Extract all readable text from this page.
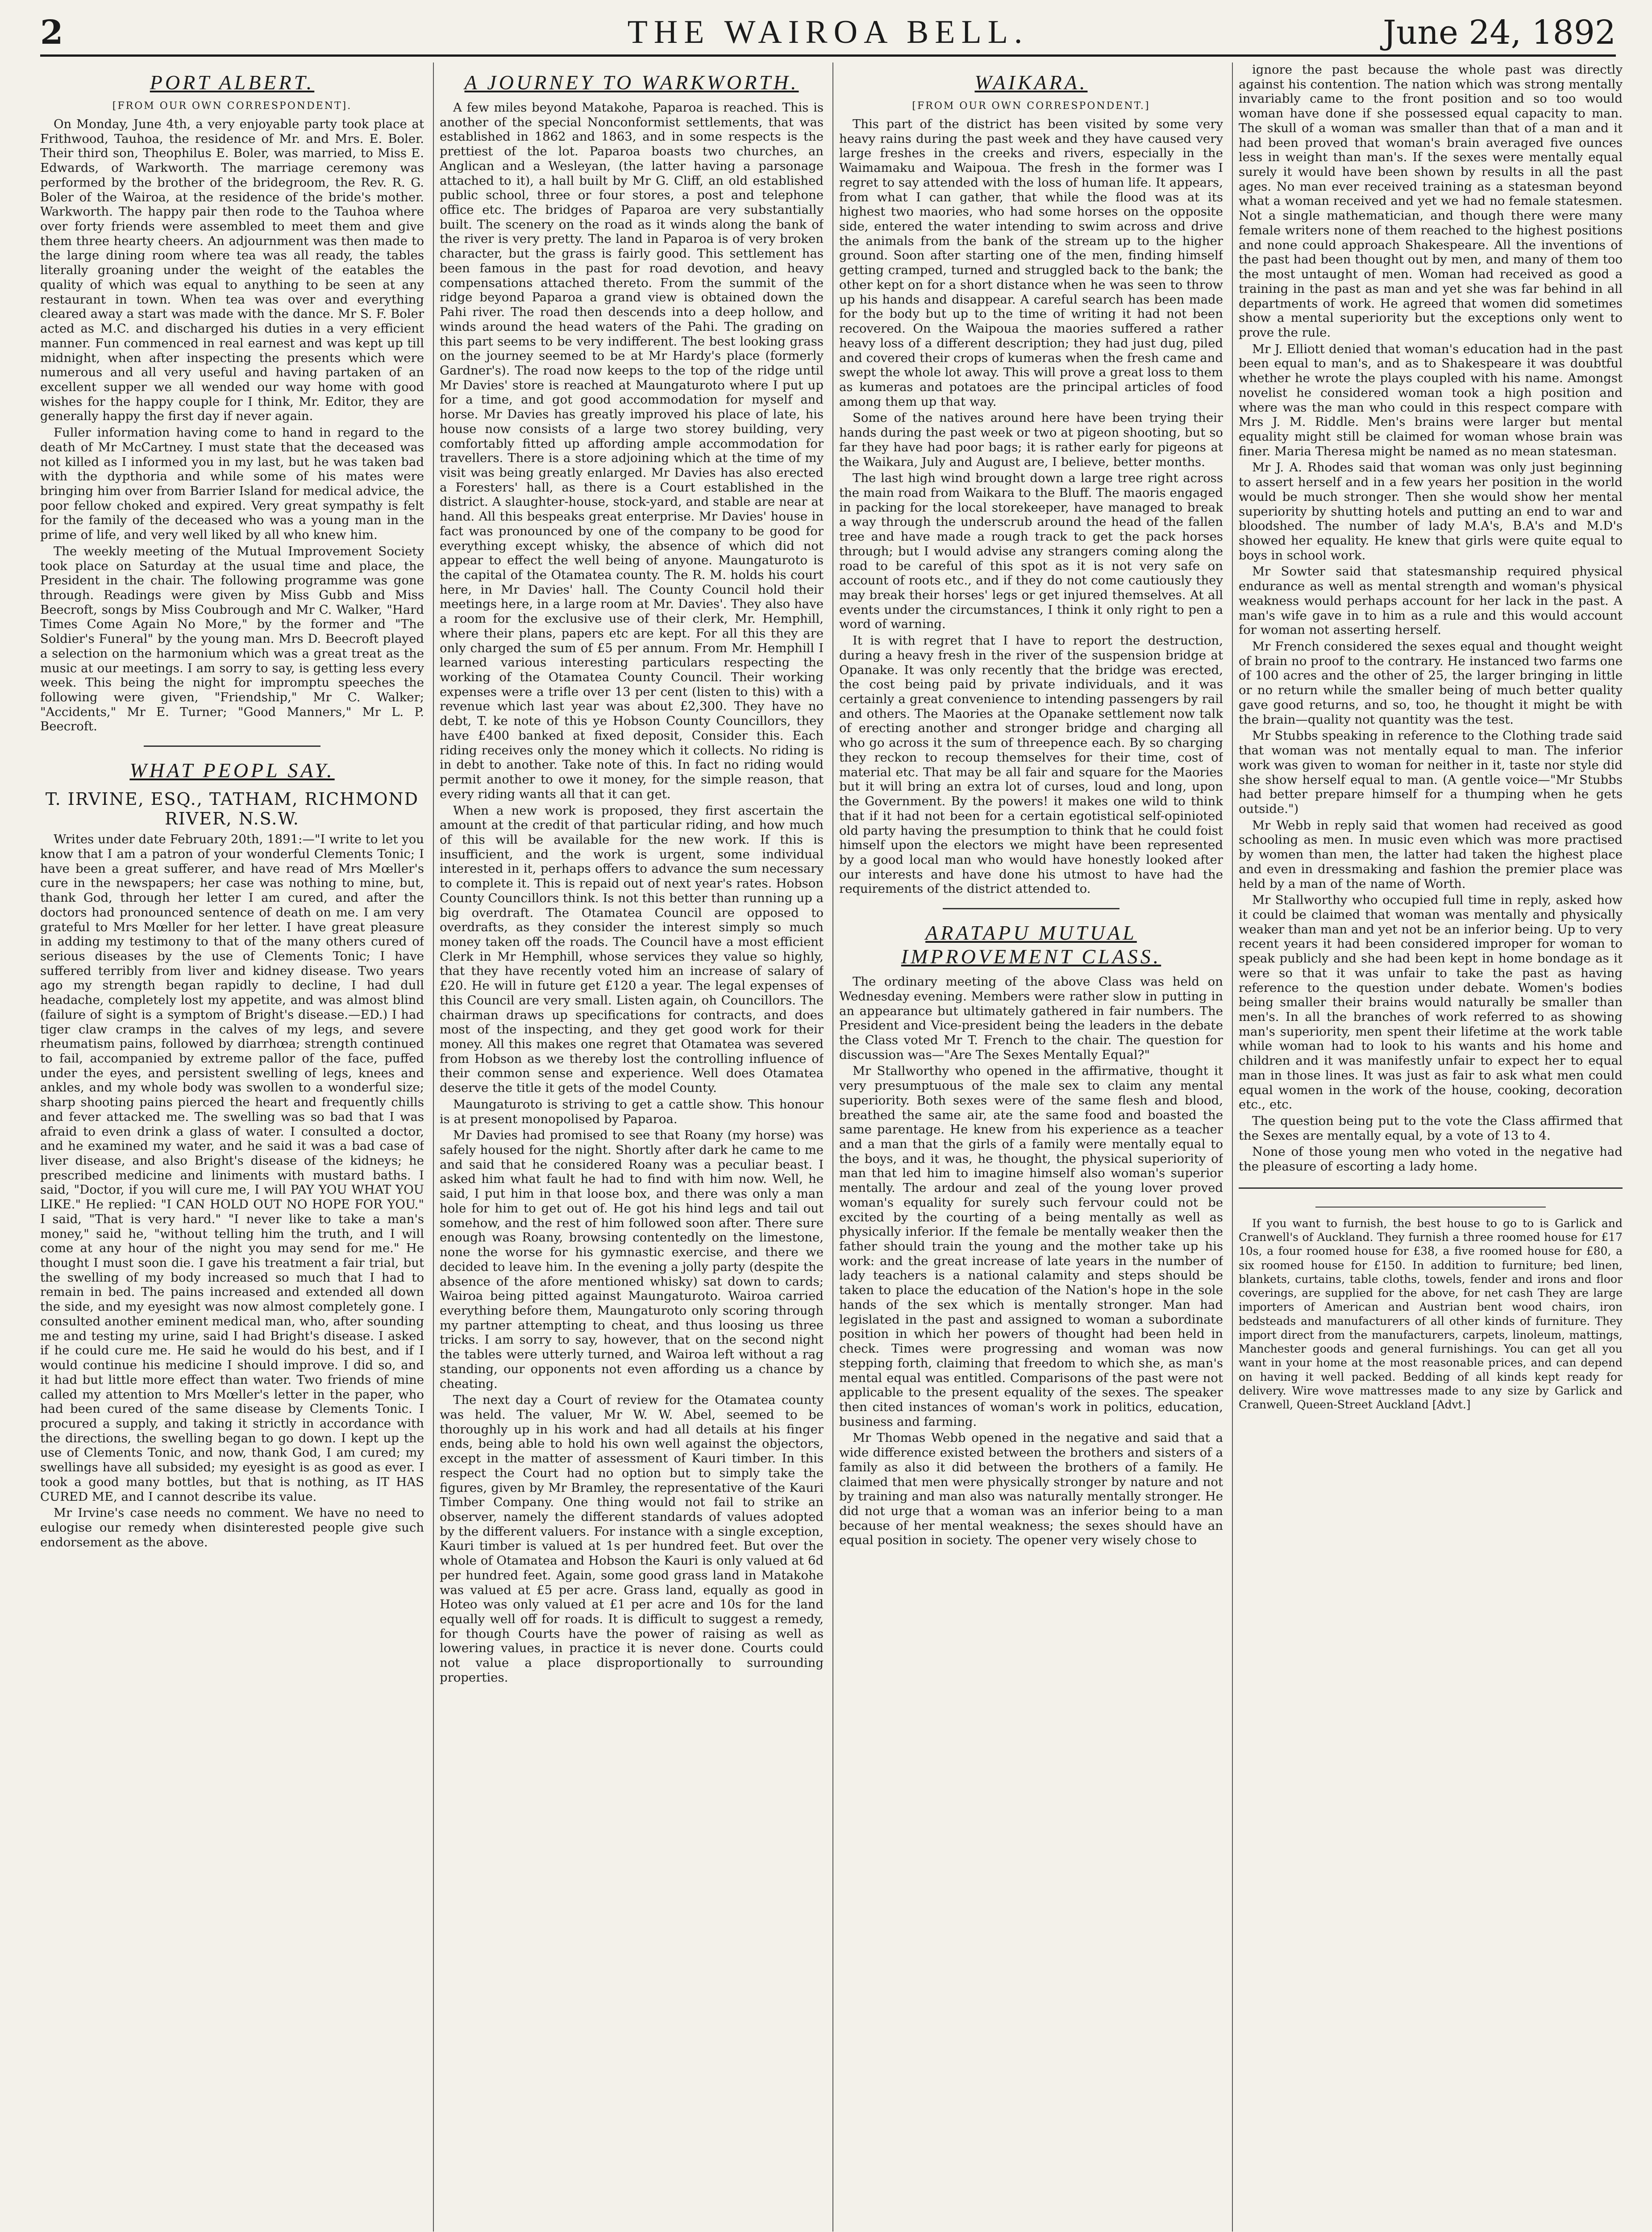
2	THE WAIROA BELL.	June 24, 1892
PORT ALBERT.
[FROM OUR OWN CORRESPONDENT].

On Monday, June 4th, a very enjoyable party took place at Frithwood, Tauhoa, the residence of Mr. and Mrs. E. Boler. Their third son, Theophilus E. Boler, was married, to Miss E. Edwards, of Warkworth. The marriage ceremony was performed by the brother of the bridegroom, the Rev. R. G. Boler of the Wairoa, at the residence of the bride's mother. Warkworth. The happy pair then rode to the Tauhoa where over forty friends were assembled to meet them and give them three hearty cheers. An adjournment was then made to the large dining room where tea was all ready, the tables literally groaning under the weight of the eatables the quality of which was equal to anything to be seen at any restaurant in town. When tea was over and everything cleared away a start was made with the dance. Mr S. F. Boler acted as M.C. and discharged his duties in a very efficient manner. Fun commenced in real earnest and was kept up till midnight, when after inspecting the presents which were numerous and all very useful and having partaken of an excellent supper we all wended our way home with good wishes for the happy couple for I think, Mr. Editor, they are generally happy the first day if never again.

Fuller information having come to hand in regard to the death of Mr McCartney. I must state that the deceased was not killed as I informed you in my last, but he was taken bad with the dypthoria and while some of his mates were bringing him over from Barrier Island for medical advice, the poor fellow choked and expired. Very great sympathy is felt for the family of the deceased who was a young man in the prime of life, and very well liked by all who knew him.

The weekly meeting of the Mutual Improvement Society took place on Saturday at the usual time and place, the President in the chair. The following programme was gone through. Readings were given by Miss Gubb and Miss Beecroft, songs by Miss Coubrough and Mr C. Walker, "Hard Times Come Again No More," by the former and "The Soldier's Funeral" by the young man. Mrs D. Beecroft played a selection on the harmonium which was a great treat as the music at our meetings. I am sorry to say, is getting less every week. This being the night for impromptu speeches the following were given, "Friendship," Mr C. Walker; "Accidents," Mr E. Turner; "Good Manners," Mr L. P. Beecroft.

WHAT PEOPL SAY.
T. IRVINE, ESQ., TATHAM, RICHMOND RIVER, N.S.W.

Writes under date February 20th, 1891:—"I write to let you know that I am a patron of your wonderful Clements Tonic; I have been a great sufferer, and have read of Mrs Mœller's cure in the newspapers; her case was nothing to mine, but, thank God, through her letter I am cured, and after the doctors had pronounced sentence of death on me. I am very grateful to Mrs Mœller for her letter. I have great pleasure in adding my testimony to that of the many others cured of serious diseases by the use of Clements Tonic; I have suffered terribly from liver and kidney disease. Two years ago my strength began rapidly to decline, I had dull headache, completely lost my appetite, and was almost blind (failure of sight is a symptom of Bright's disease.—ED.) I had tiger claw cramps in the calves of my legs, and severe rheumatism pains, followed by diarrhœa; strength continued to fail, accompanied by extreme pallor of the face, puffed under the eyes, and persistent swelling of legs, knees and ankles, and my whole body was swollen to a wonderful size; sharp shooting pains pierced the heart and frequently chills and fever attacked me. The swelling was so bad that I was afraid to even drink a glass of water. I consulted a doctor, and he examined my water, and he said it was a bad case of liver disease, and also Bright's disease of the kidneys; he prescribed medicine and liniments with mustard baths. I said, "Doctor, if you will cure me, I will PAY YOU WHAT YOU LIKE." He replied: "I CAN HOLD OUT NO HOPE FOR YOU." I said, "That is very hard." "I never like to take a man's money," said he, "without telling him the truth, and I will come at any hour of the night you may send for me." He thought I must soon die. I gave his treatment a fair trial, but the swelling of my body increased so much that I had to remain in bed. The pains increased and extended all down the side, and my eyesight was now almost completely gone. I consulted another eminent medical man, who, after sounding me and testing my urine, said I had Bright's disease. I asked if he could cure me. He said he would do his best, and if I would continue his medicine I should improve. I did so, and it had but little more effect than water. Two friends of mine called my attention to Mrs Mœller's letter in the paper, who had been cured of the same disease by Clements Tonic. I procured a supply, and taking it strictly in accordance with the directions, the swelling began to go down. I kept up the use of Clements Tonic, and now, thank God, I am cured; my swellings have all subsided; my eyesight is as good as ever. I took a good many bottles, but that is nothing, as IT HAS CURED ME, and I cannot describe its value.

Mr Irvine's case needs no comment. We have no need to eulogise our remedy when disinterested people give such endorsement as the above.

A JOURNEY TO WARKWORTH.

A few miles beyond Matakohe, Paparoa is reached. This is another of the special Nonconformist settlements, that was established in 1862 and 1863, and in some respects is the prettiest of the lot. Paparoa boasts two churches, an Anglican and a Wesleyan, (the latter having a parsonage attached to it), a hall built by Mr G. Cliff, an old established public school, three or four stores, a post and telephone office etc. The bridges of Paparoa are very substantially built. The scenery on the road as it winds along the bank of the river is very pretty. The land in Paparoa is of very broken character, but the grass is fairly good. This settlement has been famous in the past for road devotion, and heavy compensations attached thereto. From the summit of the ridge beyond Paparoa a grand view is obtained down the Pahi river. The road then descends into a deep hollow, and winds around the head waters of the Pahi. The grading on this part seems to be very indifferent. The best looking grass on the journey seemed to be at Mr Hardy's place (formerly Gardner's). The road now keeps to the top of the ridge until Mr Davies' store is reached at Maungaturoto where I put up for a time, and got good accommodation for myself and horse. Mr Davies has greatly improved his place of late, his house now consists of a large two storey building, very comfortably fitted up affording ample accommodation for travellers. There is a store adjoining which at the time of my visit was being greatly enlarged. Mr Davies has also erected a Foresters' hall, as there is a Court established in the district. A slaughter-house, stock-yard, and stable are near at hand. All this bespeaks great enterprise. Mr Davies' house in fact was pronounced by one of the company to be good for everything except whisky, the absence of which did not appear to effect the well being of anyone. Maungaturoto is the capital of the Otamatea county. The R. M. holds his court here, in Mr Davies' hall. The County Council hold their meetings here, in a large room at Mr. Davies'. They also have a room for the exclusive use of their clerk, Mr. Hemphill, where their plans, papers etc are kept. For all this they are only charged the sum of £5 per annum. From Mr. Hemphill I learned various interesting particulars respecting the working of the Otamatea County Council. Their working expenses were a trifle over 13 per cent (listen to this) with a revenue which last year was about £2,300. They have no debt, T. ke note of this ye Hobson County Councillors, they have £400 banked at fixed deposit, Consider this. Each riding receives only the money which it collects. No riding is in debt to another. Take note of this. In fact no riding would permit another to owe it money, for the simple reason, that every riding wants all that it can get.

When a new work is proposed, they first ascertain the amount at the credit of that particular riding, and how much of this will be available for the new work. If this is insufficient, and the work is urgent, some individual interested in it, perhaps offers to advance the sum necessary to complete it. This is repaid out of next year's rates. Hobson County Councillors think. Is not this better than running up a big overdraft. The Otamatea Council are opposed to overdrafts, as they consider the interest simply so much money taken off the roads. The Council have a most efficient Clerk in Mr Hemphill, whose services they value so highly, that they have recently voted him an increase of salary of £20. He will in future get £120 a year. The legal expenses of this Council are very small. Listen again, oh Councillors. The chairman draws up specifications for contracts, and does most of the inspecting, and they get good work for their money. All this makes one regret that Otamatea was severed from Hobson as we thereby lost the controlling influence of their common sense and experience. Well does Otamatea deserve the title it gets of the model County.

Maungaturoto is striving to get a cattle show. This honour is at present monopolised by Paparoa.

Mr Davies had promised to see that Roany (my horse) was safely housed for the night. Shortly after dark he came to me and said that he considered Roany was a peculiar beast. I asked him what fault he had to find with him now. Well, he said, I put him in that loose box, and there was only a man hole for him to get out of. He got his hind legs and tail out somehow, and the rest of him followed soon after. There sure enough was Roany, browsing contentedly on the limestone, none the worse for his gymnastic exercise, and there we decided to leave him. In the evening a jolly party (despite the absence of the afore mentioned whisky) sat down to cards; Wairoa being pitted against Maungaturoto. Wairoa carried everything before them, Maungaturoto only scoring through my partner attempting to cheat, and thus loosing us three tricks. I am sorry to say, however, that on the second night the tables were utterly turned, and Wairoa left without a rag standing, our opponents not even affording us a chance by cheating.

The next day a Court of review for the Otamatea county was held. The valuer, Mr W. W. Abel, seemed to be thoroughly up in his work and had all details at his finger ends, being able to hold his own well against the objectors, except in the matter of assessment of Kauri timber. In this respect the Court had no option but to simply take the figures, given by Mr Bramley, the representative of the Kauri Timber Company. One thing would not fail to strike an observer, namely the different standards of values adopted by the different valuers. For instance with a single exception, Kauri timber is valued at 1s per hundred feet. But over the whole of Otamatea and Hobson the Kauri is only valued at 6d per hundred feet. Again, some good grass land in Matakohe was valued at £5 per acre. Grass land, equally as good in Hoteo was only valued at £1 per acre and 10s for the land equally well off for roads. It is difficult to suggest a remedy, for though Courts have the power of raising as well as lowering values, in practice it is never done. Courts could not value a place disproportionally to surrounding properties.

WAIKARA.
[FROM OUR OWN CORRESPONDENT.]

This part of the district has been visited by some very heavy rains during the past week and they have caused very large freshes in the creeks and rivers, especially in the Waimamaku and Waipoua. The fresh in the former was I regret to say attended with the loss of human life. It appears, from what I can gather, that while the flood was at its highest two maories, who had some horses on the opposite side, entered the water intending to swim across and drive the animals from the bank of the stream up to the higher ground. Soon after starting one of the men, finding himself getting cramped, turned and struggled back to the bank; the other kept on for a short distance when he was seen to throw up his hands and disappear. A careful search has been made for the body but up to the time of writing it had not been recovered. On the Waipoua the maories suffered a rather heavy loss of a different description; they had just dug, piled and covered their crops of kumeras when the fresh came and swept the whole lot away. This will prove a great loss to them as kumeras and potatoes are the principal articles of food among them up that way.

Some of the natives around here have been trying their hands during the past week or two at pigeon shooting, but so far they have had poor bags; it is rather early for pigeons at the Waikara, July and August are, I believe, better months.

The last high wind brought down a large tree right across the main road from Waikara to the Bluff. The maoris engaged in packing for the local storekeeper, have managed to break a way through the underscrub around the head of the fallen tree and have made a rough track to get the pack horses through; but I would advise any strangers coming along the road to be careful of this spot as it is not very safe on account of roots etc., and if they do not come cautiously they may break their horses' legs or get injured themselves. At all events under the circumstances, I think it only right to pen a word of warning.

It is with regret that I have to report the destruction, during a heavy fresh in the river of the suspension bridge at Opanake. It was only recently that the bridge was erected, the cost being paid by private individuals, and it was certainly a great convenience to intending passengers by rail and others. The Maories at the Opanake settlement now talk of erecting another and stronger bridge and charging all who go across it the sum of threepence each. By so charging they reckon to recoup themselves for their time, cost of material etc. That may be all fair and square for the Maories but it will bring an extra lot of curses, loud and long, upon the Government. By the powers! it makes one wild to think that if it had not been for a certain egotistical self-opinioted old party having the presumption to think that he could foist himself upon the electors we might have been represented by a good local man who would have honestly looked after our interests and have done his utmost to have had the requirements of the district attended to.

ARATAPU MUTUAL IMPROVEMENT CLASS.

The ordinary meeting of the above Class was held on Wednesday evening. Members were rather slow in putting in an appearance but ultimately gathered in fair numbers. The President and Vice-president being the leaders in the debate the Class voted Mr T. French to the chair. The question for discussion was—"Are The Sexes Mentally Equal?"

Mr Stallworthy who opened in the affirmative, thought it very presumptuous of the male sex to claim any mental superiority. Both sexes were of the same flesh and blood, breathed the same air, ate the same food and boasted the same parentage. He knew from his experience as a teacher and a man that the girls of a family were mentally equal to the boys, and it was, he thought, the physical superiority of man that led him to imagine himself also woman's superior mentally. The ardour and zeal of the young lover proved woman's equality for surely such fervour could not be excited by the courting of a being mentally as well as physically inferior. If the female be mentally weaker then the father should train the young and the mother take up his work: and the great increase of late years in the number of lady teachers is a national calamity and steps should be taken to place the education of the Nation's hope in the sole hands of the sex which is mentally stronger. Man had legislated in the past and assigned to woman a subordinate position in which her powers of thought had been held in check. Times were progressing and woman was now stepping forth, claiming that freedom to which she, as man's mental equal was entitled. Comparisons of the past were not applicable to the present equality of the sexes. The speaker then cited instances of woman's work in politics, education, business and farming.

Mr Thomas Webb opened in the negative and said that a wide difference existed between the brothers and sisters of a family as also it did between the brothers of a family. He claimed that men were physically stronger by nature and not by training and man also was naturally mentally stronger. He did not urge that a woman was an inferior being to a man because of her mental weakness; the sexes should have an equal position in society. The opener very wisely chose to

ignore the past because the whole past was directly against his contention. The nation which was strong mentally invariably came to the front position and so too would woman have done if she possessed equal capacity to man. The skull of a woman was smaller than that of a man and it had been proved that woman's brain averaged five ounces less in weight than man's. If the sexes were mentally equal surely it would have been shown by results in all the past ages. No man ever received training as a statesman beyond what a woman received and yet we had no female statesmen. Not a single mathematician, and though there were many female writers none of them reached to the highest positions and none could approach Shakespeare. All the inventions of the past had been thought out by men, and many of them too the most untaught of men. Woman had received as good a training in the past as man and yet she was far behind in all departments of work. He agreed that women did sometimes show a mental superiority but the exceptions only went to prove the rule.

Mr J. Elliott denied that woman's education had in the past been equal to man's, and as to Shakespeare it was doubtful whether he wrote the plays coupled with his name. Amongst novelist he considered woman took a high position and where was the man who could in this respect compare with Mrs J. M. Riddle. Men's brains were larger but mental equality might still be claimed for woman whose brain was finer. Maria Theresa might be named as no mean statesman.

Mr J. A. Rhodes said that woman was only just beginning to assert herself and in a few years her position in the world would be much stronger. Then she would show her mental superiority by shutting hotels and putting an end to war and bloodshed. The number of lady M.A's, B.A's and M.D's showed her equality. He knew that girls were quite equal to boys in school work.

Mr Sowter said that statesmanship required physical endurance as well as mental strength and woman's physical weakness would perhaps account for her lack in the past. A man's wife gave in to him as a rule and this would account for woman not asserting herself.

Mr French considered the sexes equal and thought weight of brain no proof to the contrary. He instanced two farms one of 100 acres and the other of 25, the larger bringing in little or no return while the smaller being of much better quality gave good returns, and so, too, he thought it might be with the brain—quality not quantity was the test.

Mr Stubbs speaking in reference to the Clothing trade said that woman was not mentally equal to man. The inferior work was given to woman for neither in it, taste nor style did she show herself equal to man. (A gentle voice—"Mr Stubbs had better prepare himself for a thumping when he gets outside.")

Mr Webb in reply said that women had received as good schooling as men. In music even which was more practised by women than men, the latter had taken the highest place and even in dressmaking and fashion the premier place was held by a man of the name of Worth.

Mr Stallworthy who occupied full time in reply, asked how it could be claimed that woman was mentally and physically weaker than man and yet not be an inferior being. Up to very recent years it had been considered improper for woman to speak publicly and she had been kept in home bondage as it were so that it was unfair to take the past as having reference to the question under debate. Women's bodies being smaller their brains would naturally be smaller than men's. In all the branches of work referred to as showing man's superiority, men spent their lifetime at the work table while woman had to look to his wants and his home and children and it was manifestly unfair to expect her to equal man in those lines. It was just as fair to ask what men could equal women in the work of the house, cooking, decoration etc., etc.

The question being put to the vote the Class affirmed that the Sexes are mentally equal, by a vote of 13 to 4.

None of those young men who voted in the negative had the pleasure of escorting a lady home.

If you want to furnish, the best house to go to is Garlick and Cranwell's of Auckland. They furnish a three roomed house for £17 10s, a four roomed house for £38, a five roomed house for £80, a six roomed house for £150. In addition to furniture; bed linen, blankets, curtains, table cloths, towels, fender and irons and floor coverings, are supplied for the above, for net cash They are large importers of American and Austrian bent wood chairs, iron bedsteads and manufacturers of all other kinds of furniture. They import direct from the manufacturers, carpets, linoleum, mattings, Manchester goods and general furnishings. You can get all you want in your home at the most reasonable prices, and can depend on having it well packed. Bedding of all kinds kept ready for delivery. Wire wove mattresses made to any size by Garlick and Cranwell, Queen-Street Auckland [Advt.]
